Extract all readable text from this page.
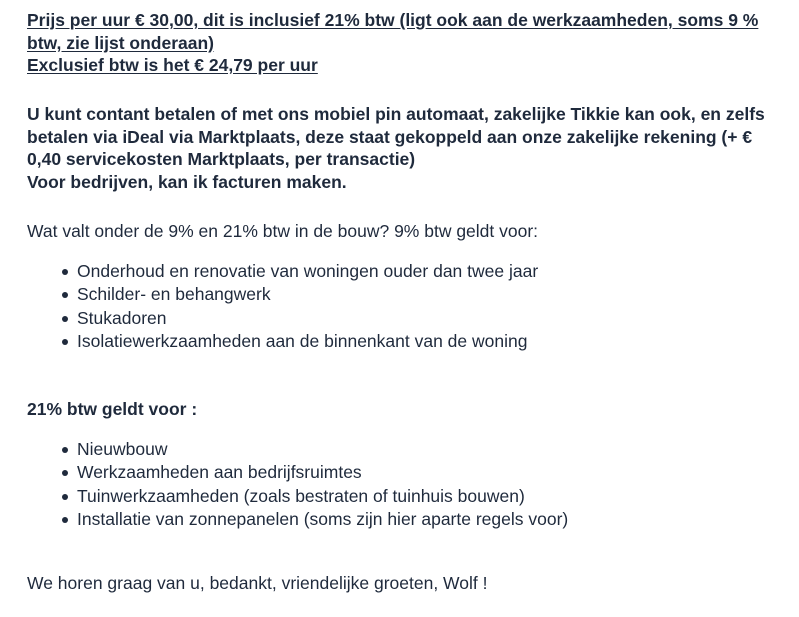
Prijs per uur € 30,00, dit is inclusief 21% btw (ligt ook aan de werkzaamheden, soms 9 % btw, zie lijst onderaan)

Exclusief btw is het € 24,79 per uur

U kunt contant betalen of met ons mobiel pin automaat, zakelijke Tikkie kan ook, en zelfs betalen via iDeal via Marktplaats, deze staat gekoppeld aan onze zakelijke rekening (+ € 0,40 servicekosten Marktplaats, per transactie)

Voor bedrijven, kan ik facturen maken.

Wat valt onder de 9% en 21% btw in de bouw? 9% btw geldt voor:

Onderhoud en renovatie van woningen ouder dan twee jaar
Schilder- en behangwerk
Stukadoren
Isolatiewerkzaamheden aan de binnenkant van de woning

21% btw geldt voor :

Nieuwbouw
Werkzaamheden aan bedrijfsruimtes
Tuinwerkzaamheden (zoals bestraten of tuinhuis bouwen)
Installatie van zonnepanelen (soms zijn hier aparte regels voor)

We horen graag van u, bedankt, vriendelijke groeten, Wolf !
